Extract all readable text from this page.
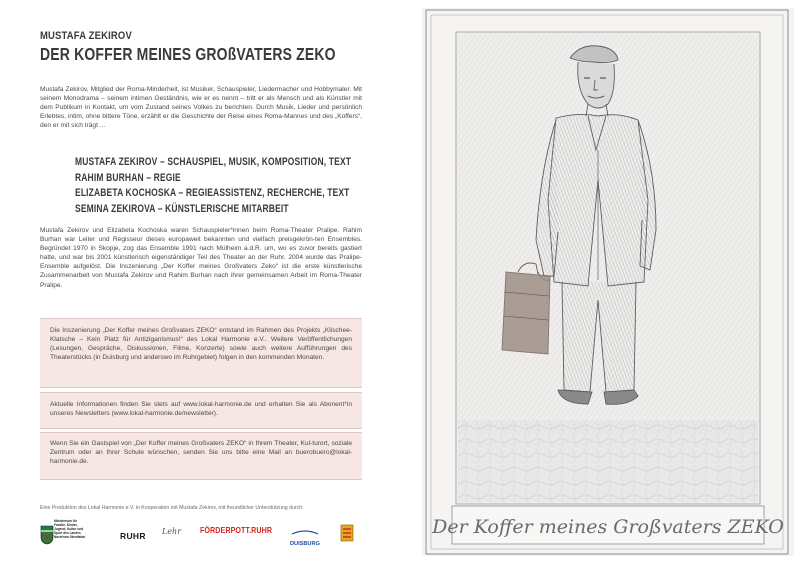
MUSTAFA ZEKIROV
DER KOFFER MEINES GROßVATERS ZEKO

Mustafa Zekirov, Mitglied der Roma-Minderheit, ist Musiker, Schauspieler, Liedermacher und Hobbymaler. Mit seinem Monodrama – seinem intimen Geständnis, wie er es nennt – tritt er als Mensch und als Künstler mit dem Publikum in Kontakt, um vom Zustand seines Volkes zu berichten. Durch Musik, Lieder und persönlich Erlebtes, intim, ohne bittere Töne, erzählt er die Geschichte der Reise eines Roma-Mannes und des „Koffers“, den er mit sich trägt ...

MUSTAFA ZEKIROV – SCHAUSPIEL, MUSIK, KOMPOSITION, TEXT
RAHIM BURHAN – REGIE
ELIZABETA KOCHOSKA – REGIEASSISTENZ, RECHERCHE, TEXT
SEMINA ZEKIROVA – KÜNSTLERISCHE MITARBEIT

Mustafa Zekirov und Elizabeta Kochoska waren Schauspieler*innen beim Roma-Theater Pralipe. Rahim Burhan war Leiter und Regisseur dieses europaweit bekannten und vielfach preisgekrön-ten Ensembles. Begründet 1970 in Skopje, zog das Ensemble 1991 nach Mülheim a.d.R. um, wo es zuvor bereits gastiert hatte, und war bis 2001 künstlerisch eigenständiger Teil des Theater an der Ruhr. 2004 wurde das Pralipe-Ensemble aufgelöst. Die Inszenierung „Der Koffer meines Großvaters Zeko“ ist die erste künstlerische Zusammenarbeit von Mustafa Zekirov und Rahim Burhan nach ihrer gemeinsamen Arbeit im Roma-Theater Pralipe.

Die Inszenierung „Der Koffer meines Großvaters ZEKO“ entstand im Rahmen des Projekts „Klischee-Klatsche – Kein Platz für Antiziganismus!“ des Lokal Harmonie e.V.. Weitere Veröffentlichungen (Lesungen, Gespräche, Diskussionen, Filme, Konzerte) sowie auch weitere Aufführungen des Theaterstücks (in Duisburg und anderswo im Ruhrgebiet) folgen in den kommenden Monaten.
Aktuelle Informationen finden Sie stets auf www.lokal-harmonie.de und erhalten Sie als Abonent*in unseres Newsletters (www.lokal-harmonie.de/newsletter).
Wenn Sie ein Gastspiel von „Der Koffer meines Großvaters ZEKO“ in Ihrem Theater, Kul-turort, soziale Zentrum oder an Ihrer Schule wünschen, senden Sie uns bitte eine Mail an buerobuero@lokal-harmonie.de.
Eine Produktion des Lokal Harmonie e.V. in Kooperation mit Mustafa Zekirov, mit freundlicher Unterstützung durch:
Ministerium für Familie, Kinder, Jugend, Kultur und Sport des Landes Nordrhein-Westfalen	RUHR	Lehr	FÖRDERPOTT.RUHR
DUISBURG
Der Koffer meines Großvaters ZEKO
